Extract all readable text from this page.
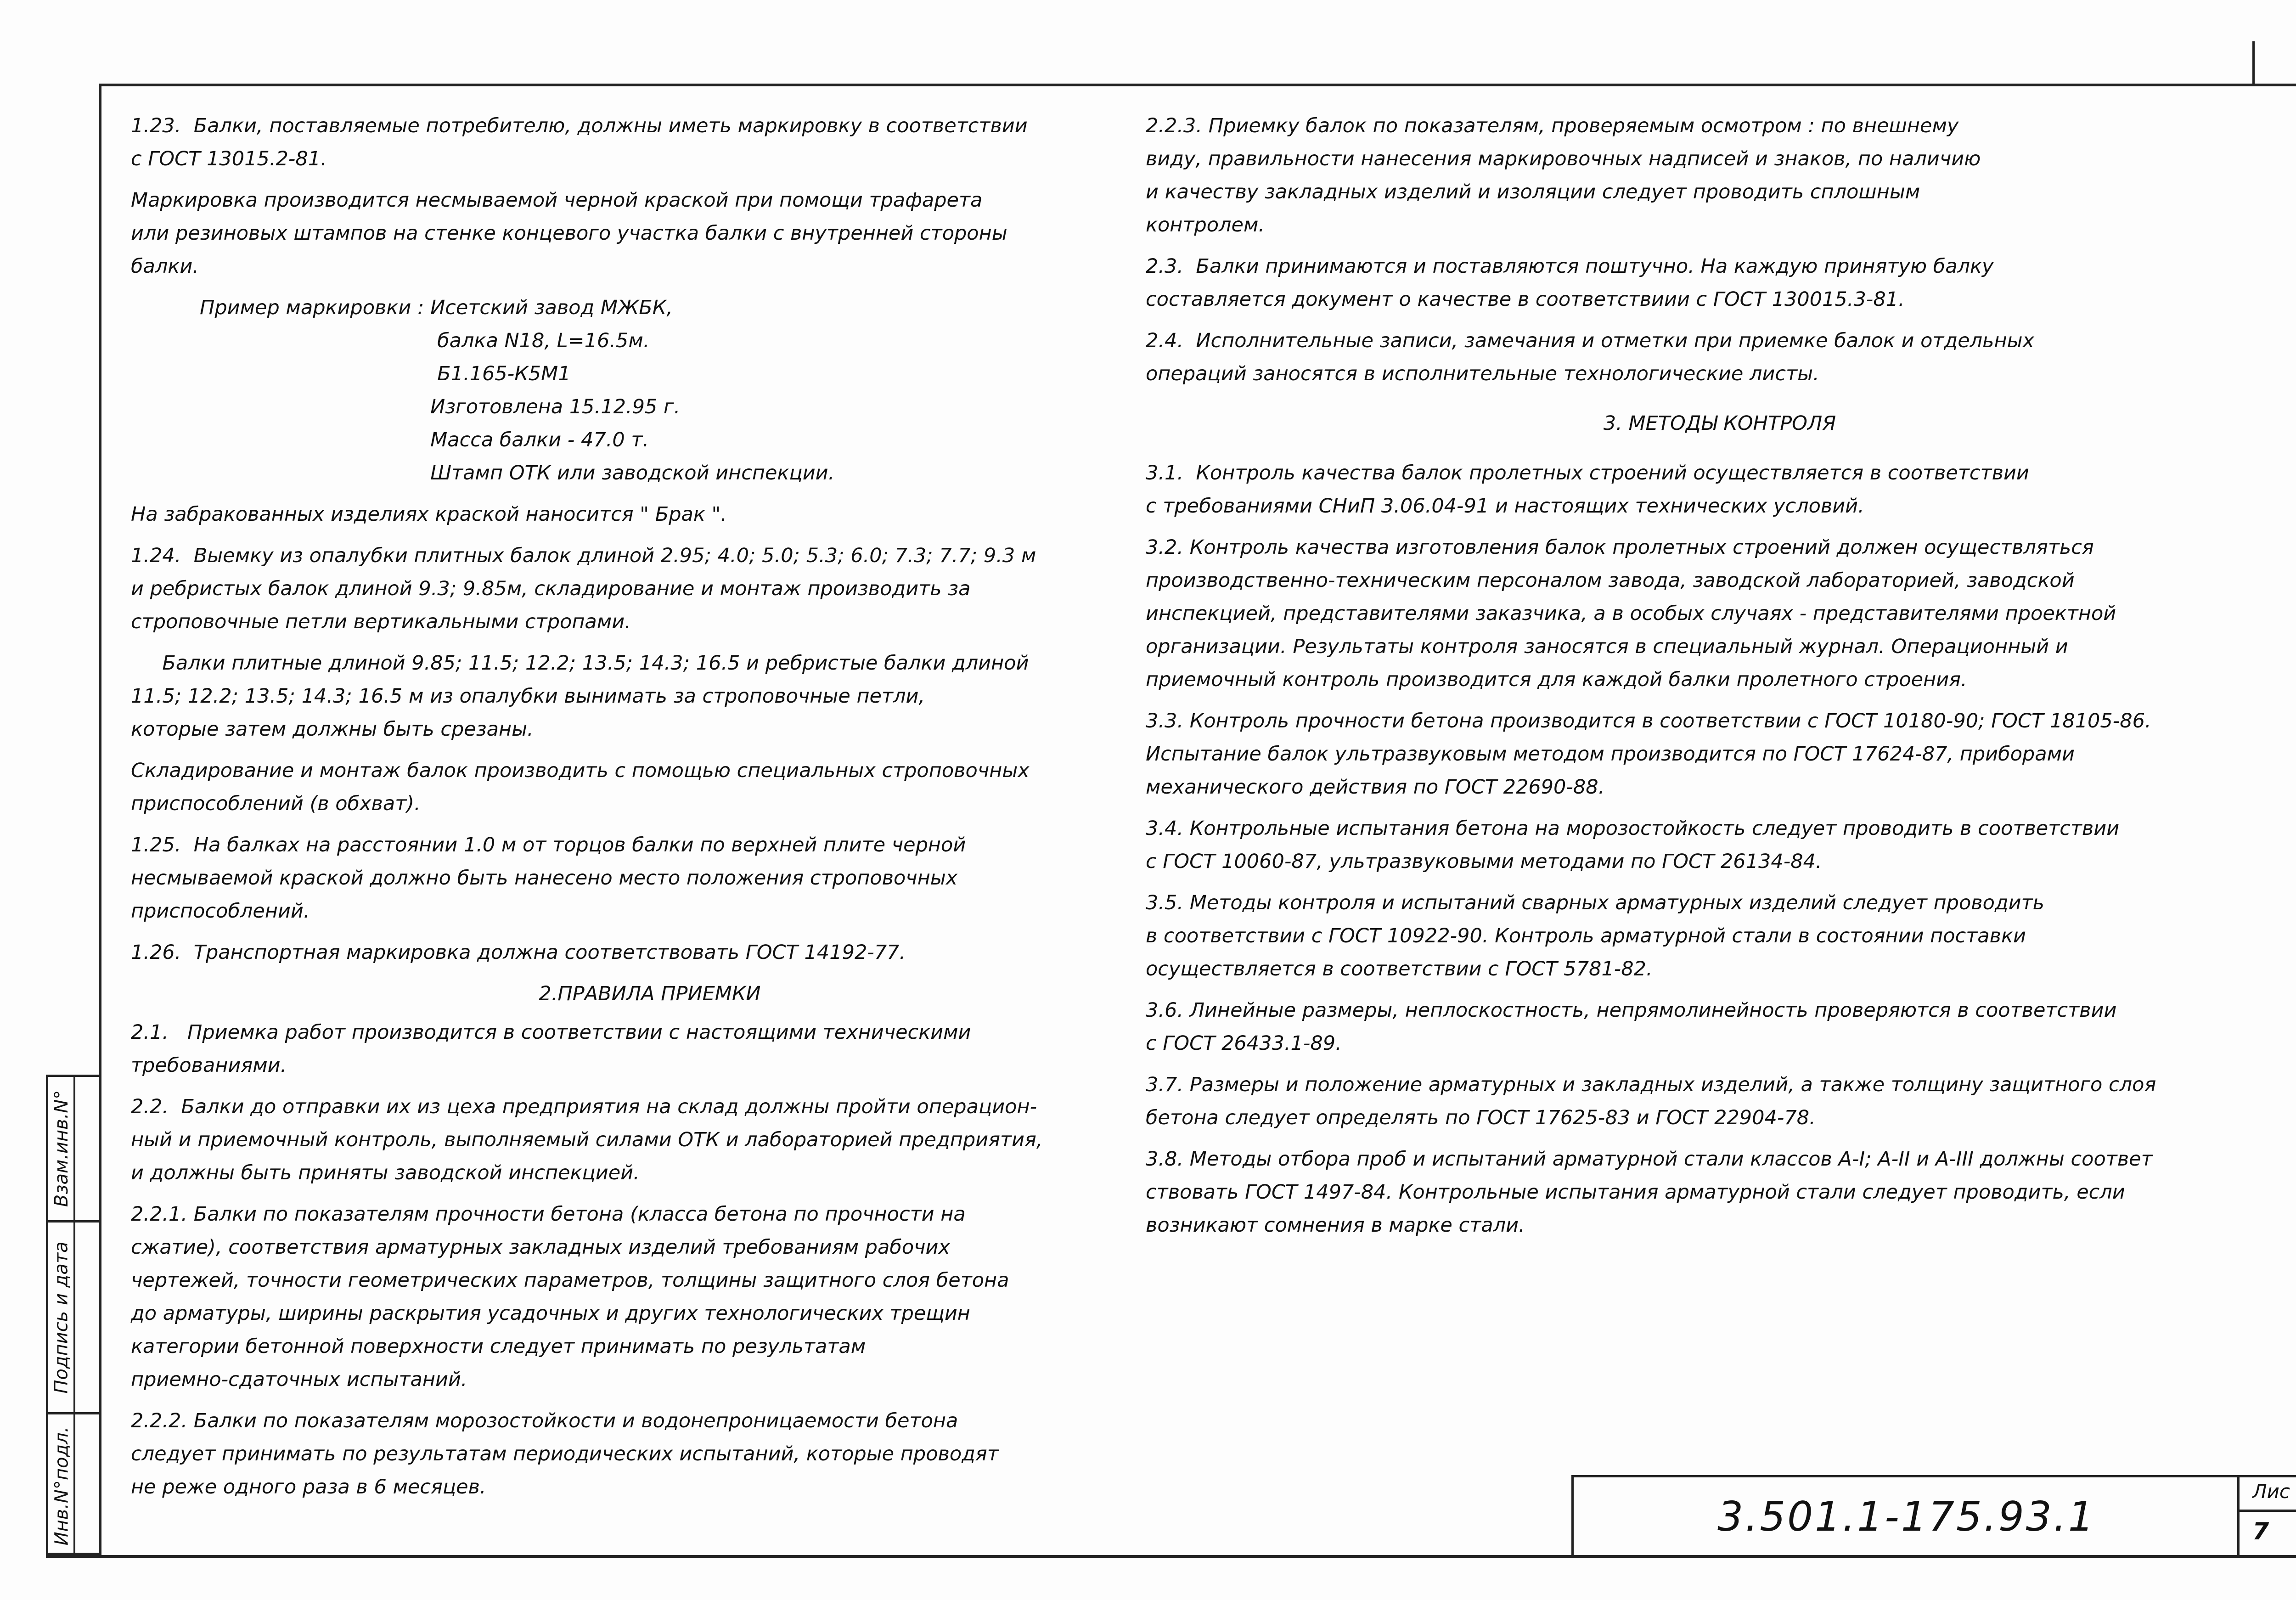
1.23.  Балки, поставляемые потребителю, должны иметь маркировку в соответствии
с ГОСТ 13015.2-81.

Маркировка производится несмываемой черной краской при помощи трафарета
или резиновых штампов на стенке концевого участка балки с внутренней стороны
балки.

Пример маркировки : Исетский завод МЖБК,
балка N18, L=16.5м.
Б1.165-К5М1
Изготовлена 15.12.95 г.
Масса балки - 47.0 т.
Штамп ОТК или заводской инспекции.

На забракованных изделиях краской наносится " Брак ".

1.24.  Выемку из опалубки плитных балок длиной 2.95; 4.0; 5.0; 5.3; 6.0; 7.3; 7.7; 9.3 м
и ребристых балок длиной 9.3; 9.85м, складирование и монтаж производить за
строповочные петли вертикальными стропами.

Балки плитные длиной 9.85; 11.5; 12.2; 13.5; 14.3; 16.5 и ребристые балки длиной
11.5; 12.2; 13.5; 14.3; 16.5 м из опалубки вынимать за строповочные петли,
которые затем должны быть срезаны.

Складирование и монтаж балок производить с помощью специальных строповочных
приспособлений (в обхват).

1.25.  На балках на расстоянии 1.0 м от торцов балки по верхней плите черной
несмываемой краской должно быть нанесено место положения строповочных
приспособлений.

1.26.  Транспортная маркировка должна соответствовать ГОСТ 14192-77.

2.ПРАВИЛА ПРИЕМКИ

2.1.   Приемка работ производится в соответствии с настоящими техническими
требованиями.

2.2.  Балки до отправки их из цеха предприятия на склад должны пройти операцион-
ный и приемочный контроль, выполняемый силами ОТК и лабораторией предприятия,
и должны быть приняты заводской инспекцией.

2.2.1. Балки по показателям прочности бетона (класса бетона по прочности на
сжатие), соответствия арматурных закладных изделий требованиям рабочих
чертежей, точности геометрических параметров, толщины защитного слоя бетона
до арматуры, ширины раскрытия усадочных и других технологических трещин
категории бетонной поверхности следует принимать по результатам
приемно-сдаточных испытаний.

2.2.2. Балки по показателям морозостойкости и водонепроницаемости бетона
следует принимать по результатам периодических испытаний, которые проводят
не реже одного раза в 6 месяцев.

2.2.3. Приемку балок по показателям, проверяемым осмотром : по внешнему
виду, правильности нанесения маркировочных надписей и знаков, по наличию
и качеству закладных изделий и изоляции следует проводить сплошным
контролем.

2.3.  Балки принимаются и поставляются поштучно. На каждую принятую балку
составляется документ о качестве в соответствиии с ГОСТ 130015.3-81.

2.4.  Исполнительные записи, замечания и отметки при приемке балок и отдельных
операций заносятся в исполнительные технологические листы.

3. МЕТОДЫ КОНТРОЛЯ

3.1.  Контроль качества балок пролетных строений осуществляется в соответствии
с требованиями СНиП 3.06.04-91 и настоящих технических условий.

3.2. Контроль качества изготовления балок пролетных строений должен осуществляться
производственно-техническим персоналом завода, заводской лабораторией, заводской
инспекцией, представителями заказчика, а в особых случаях - представителями проектной
организации. Результаты контроля заносятся в специальный журнал. Операционный и
приемочный контроль производится для каждой балки пролетного строения.

3.3. Контроль прочности бетона производится в соответствии с ГОСТ 10180-90; ГОСТ 18105-86.
Испытание балок ультразвуковым методом производится по ГОСТ 17624-87, приборами
механического действия по ГОСТ 22690-88.

3.4. Контрольные испытания бетона на морозостойкость следует проводить в соответствии
с ГОСТ 10060-87, ультразвуковыми методами по ГОСТ 26134-84.

3.5. Методы контроля и испытаний сварных арматурных изделий следует проводить
в соответствии с ГОСТ 10922-90. Контроль арматурной стали в состоянии поставки
осуществляется в соответствии с ГОСТ 5781-82.

3.6. Линейные размеры, неплоскостность, непрямолинейность проверяются в соответствии
с ГОСТ 26433.1-89.

3.7. Размеры и положение арматурных и закладных изделий, а также толщину защитного слоя
бетона следует определять по ГОСТ 17625-83 и ГОСТ 22904-78.

3.8. Методы отбора проб и испытаний арматурной стали классов А-I; А-II и А-III должны соответ
ствовать ГОСТ 1497-84. Контрольные испытания арматурной стали следует проводить, если
возникают сомнения в марке стали.

Взам.инв.N°
Подпись и дата
Инв.N°подл.	3.501.1-175.93.1
Лис
7
